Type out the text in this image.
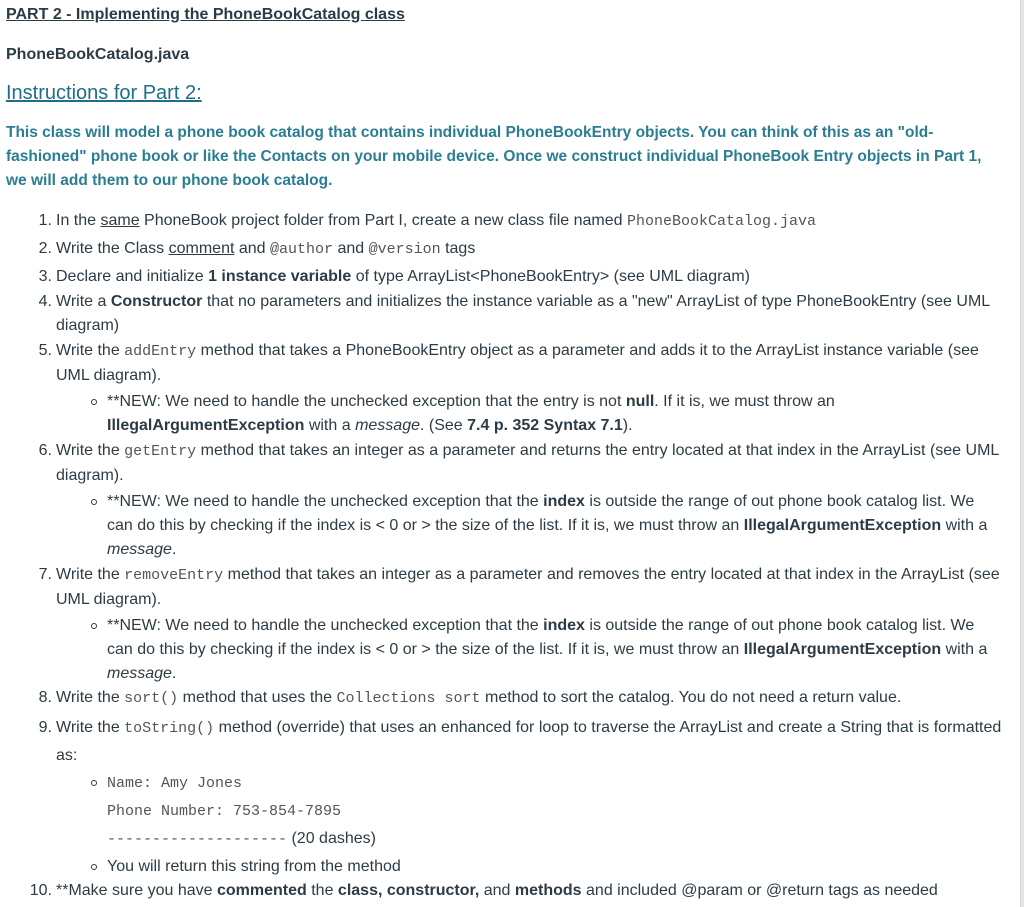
PART 2 - Implementing the PhoneBookCatalog class

PhoneBookCatalog.java

Instructions for Part 2:

This class will model a phone book catalog that contains individual PhoneBookEntry objects. You can think of this as an "old-fashioned" phone book or like the Contacts on your mobile device. Once we construct individual PhoneBook Entry objects in Part 1, we will add them to our phone book catalog.

1. In the same PhoneBook project folder from Part I, create a new class file named PhoneBookCatalog.java
2. Write the Class comment and @author and @version tags
3. Declare and initialize 1 instance variable of type ArrayList<PhoneBookEntry> (see UML diagram)
4. Write a Constructor that no parameters and initializes the instance variable as a "new" ArrayList of type PhoneBookEntry (see UML diagram)
5. Write the addEntry method that takes a PhoneBookEntry object as a parameter and adds it to the ArrayList instance variable (see UML diagram).
**NEW: We need to handle the unchecked exception that the entry is not null. If it is, we must throw an IllegalArgumentException with a message. (See 7.4 p. 352 Syntax 7.1).
6. Write the getEntry method that takes an integer as a parameter and returns the entry located at that index in the ArrayList (see UML diagram).
**NEW: We need to handle the unchecked exception that the index is outside the range of out phone book catalog list. We can do this by checking if the index is < 0 or > the size of the list. If it is, we must throw an IllegalArgumentException with a message.
7. Write the removeEntry method that takes an integer as a parameter and removes the entry located at that index in the ArrayList (see UML diagram).
**NEW: We need to handle the unchecked exception that the index is outside the range of out phone book catalog list. We can do this by checking if the index is < 0 or > the size of the list. If it is, we must throw an IllegalArgumentException with a message.
8. Write the sort() method that uses the Collections sort method to sort the catalog. You do not need a return value.
9. Write the toString() method (override) that uses an enhanced for loop to traverse the ArrayList and create a String that is formatted as:
Name: Amy Jones
Phone Number: 753-854-7895
-------------------- (20 dashes)
You will return this string from the method
10. **Make sure you have commented the class, constructor, and methods and included @param or @return tags as needed
